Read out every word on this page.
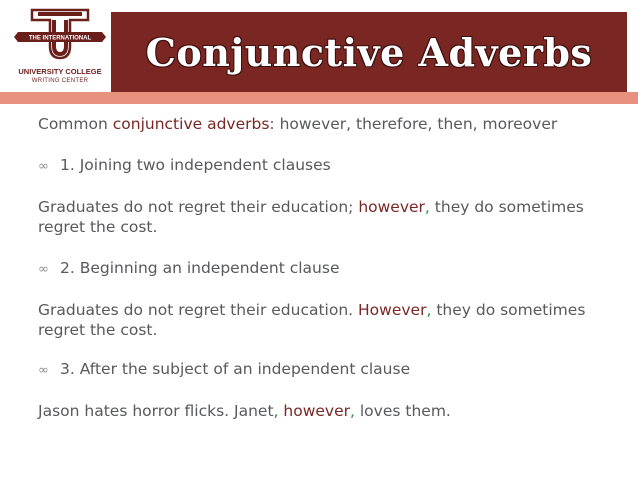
THE INTERNATIONAL
UNIVERSITY COLLEGE
WRITING CENTER
Conjunctive Adverbs
Common conjunctive adverbs: however, therefore, then, moreover
∞ 1. Joining two independent clauses
Graduates do not regret their education; however, they do sometimes regret the cost.
∞ 2. Beginning an independent clause
Graduates do not regret their education. However, they do sometimes regret the cost.
∞ 3. After the subject of an independent clause
Jason hates horror flicks. Janet, however, loves them.
